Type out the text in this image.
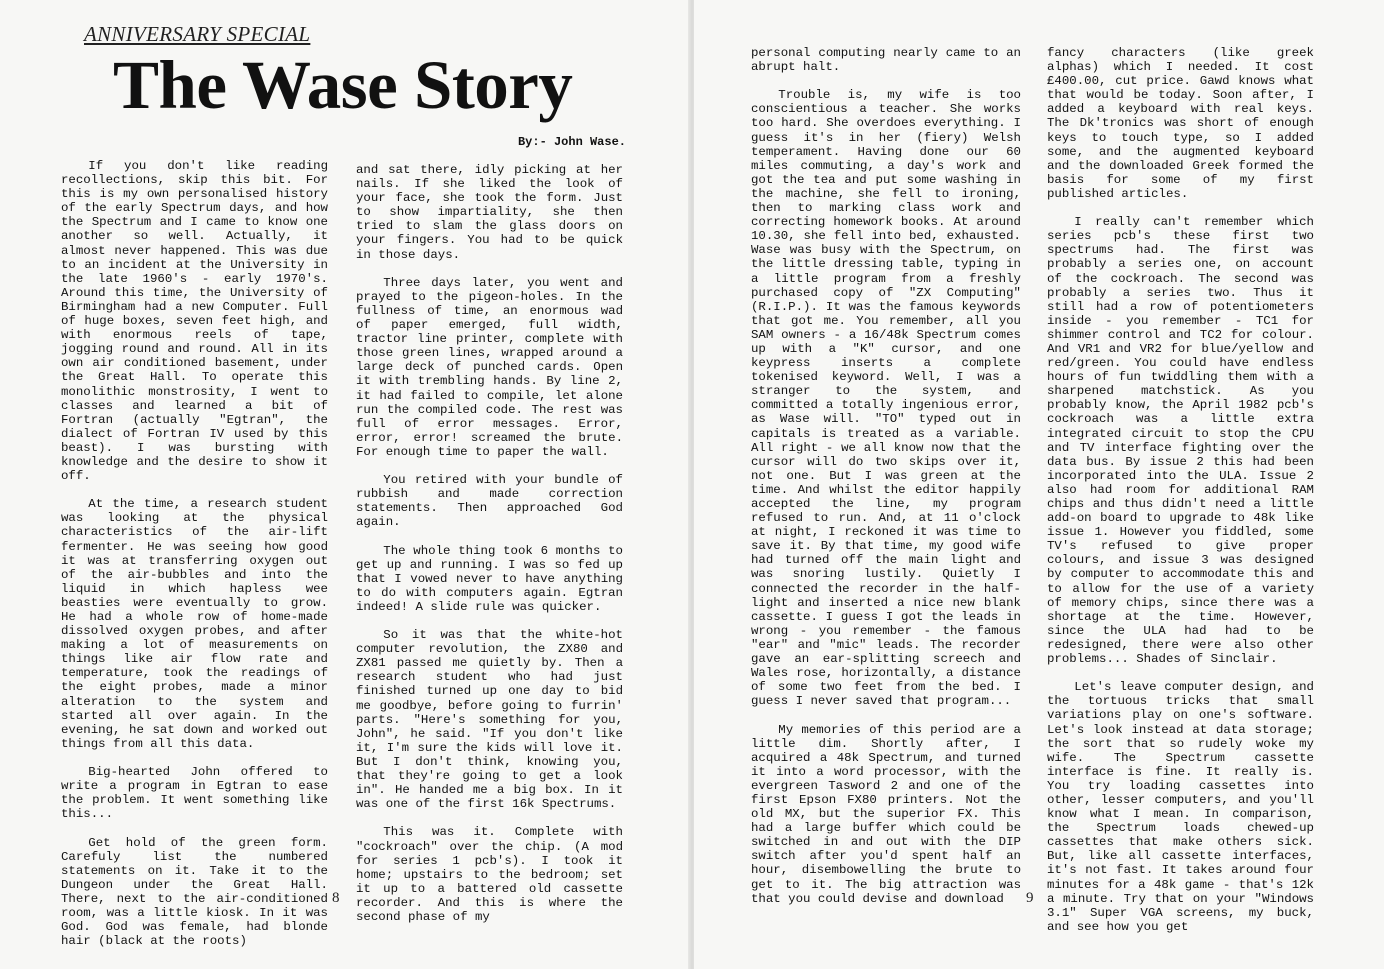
ANNIVERSARY SPECIAL
The Wase Story

By:- John Wase.

If you don't like reading recollections, skip this bit. For this is my own personalised history of the early Spectrum days, and how the Spectrum and I came to know one another so well. Actually, it almost never happened. This was due to an incident at the University in the late 1960's - early 1970's. Around this time, the University of Birmingham had a new Computer. Full of huge boxes, seven feet high, and with enormous reels of tape, jogging round and round. All in its own air conditioned basement, under the Great Hall. To operate this monolithic monstrosity, I went to classes and learned a bit of Fortran (actually "Egtran", the dialect of Fortran IV used by this beast). I was bursting with knowledge and the desire to show it off.

At the time, a research student was looking at the physical characteristics of the air-lift fermenter. He was seeing how good it was at transferring oxygen out of the air-bubbles and into the liquid in which hapless wee beasties were eventually to grow. He had a whole row of home-made dissolved oxygen probes, and after making a lot of measurements on things like air flow rate and temperature, took the readings of the eight probes, made a minor alteration to the system and started all over again. In the evening, he sat down and worked out things from all this data.

Big-hearted John offered to write a program in Egtran to ease the problem. It went something like this...

Get hold of the green form. Carefuly list the numbered statements on it. Take it to the Dungeon under the Great Hall. There, next to the air-conditioned room, was a little kiosk. In it was God. God was female, had blonde hair (black at the roots)

and sat there, idly picking at her nails. If she liked the look of your face, she took the form. Just to show impartiality, she then tried to slam the glass doors on your fingers. You had to be quick in those days.

Three days later, you went and prayed to the pigeon-holes. In the fullness of time, an enormous wad of paper emerged, full width, tractor line printer, complete with those green lines, wrapped around a large deck of punched cards. Open it with trembling hands. By line 2, it had failed to compile, let alone run the compiled code. The rest was full of error messages. Error, error, error! screamed the brute. For enough time to paper the wall.

You retired with your bundle of rubbish and made correction statements. Then approached God again.

The whole thing took 6 months to get up and running. I was so fed up that I vowed never to have anything to do with computers again. Egtran indeed! A slide rule was quicker.

So it was that the white-hot computer revolution, the ZX80 and ZX81 passed me quietly by. Then a research student who had just finished turned up one day to bid me goodbye, before going to furrin' parts. "Here's something for you, John", he said. "If you don't like it, I'm sure the kids will love it. But I don't think, knowing you, that they're going to get a look in". He handed me a big box. In it was one of the first 16k Spectrums.

This was it. Complete with "cockroach" over the chip. (A mod for series 1 pcb's). I took it home; upstairs to the bedroom; set it up to a battered old cassette recorder. And this is where the second phase of my

8	9

personal computing nearly came to an abrupt halt.

Trouble is, my wife is too conscientious a teacher. She works too hard. She overdoes everything. I guess it's in her (fiery) Welsh temperament. Having done our 60 miles commuting, a day's work and got the tea and put some washing in the machine, she fell to ironing, then to marking class work and correcting homework books. At around 10.30, she fell into bed, exhausted. Wase was busy with the Spectrum, on the little dressing table, typing in a little program from a freshly purchased copy of "ZX Computing" (R.I.P.). It was the famous keywords that got me. You remember, all you SAM owners - a 16/48k Spectrum comes up with a "K" cursor, and one keypress inserts a complete tokenised keyword. Well, I was a stranger to the system, and committed a totally ingenious error, as Wase will. "TO" typed out in capitals is treated as a variable. All right - we all know now that the cursor will do two skips over it, not one. But I was green at the time. And whilst the editor happily accepted the line, my program refused to run. And, at 11 o'clock at night, I reckoned it was time to save it. By that time, my good wife had turned off the main light and was snoring lustily. Quietly I connected the recorder in the half-light and inserted a nice new blank cassette. I guess I got the leads in wrong - you remember - the famous "ear" and "mic" leads. The recorder gave an ear-splitting screech and Wales rose, horizontally, a distance of some two feet from the bed. I guess I never saved that program...

My memories of this period are a little dim. Shortly after, I acquired a 48k Spectrum, and turned it into a word processor, with the evergreen Tasword 2 and one of the first Epson FX80 printers. Not the old MX, but the superior FX. This had a large buffer which could be switched in and out with the DIP switch after you'd spent half an hour, disembowelling the brute to get to it. The big attraction was that you could devise and download

fancy characters (like greek alphas) which I needed. It cost £400.00, cut price. Gawd knows what that would be today. Soon after, I added a keyboard with real keys. The Dk'tronics was short of enough keys to touch type, so I added some, and the augmented keyboard and the downloaded Greek formed the basis for some of my first published articles.

I really can't remember which series pcb's these first two spectrums had. The first was probably a series one, on account of the cockroach. The second was probably a series two. Thus it still had a row of potentiometers inside - you remember - TC1 for shimmer control and TC2 for colour. And VR1 and VR2 for blue/yellow and red/green. You could have endless hours of fun twiddling them with a sharpened matchstick. As you probably know, the April 1982 pcb's cockroach was a little extra integrated circuit to stop the CPU and TV interface fighting over the data bus. By issue 2 this had been incorporated into the ULA. Issue 2 also had room for additional RAM chips and thus didn't need a little add-on board to upgrade to 48k like issue 1. However you fiddled, some TV's refused to give proper colours, and issue 3 was designed by computer to accommodate this and to allow for the use of a variety of memory chips, since there was a shortage at the time. However, since the ULA had had to be redesigned, there were also other problems... Shades of Sinclair.

Let's leave computer design, and the tortuous tricks that small variations play on one's software. Let's look instead at data storage; the sort that so rudely woke my wife. The Spectrum cassette interface is fine. It really is. You try loading cassettes into other, lesser computers, and you'll know what I mean. In comparison, the Spectrum loads chewed-up cassettes that make others sick. But, like all cassette interfaces, it's not fast. It takes around four minutes for a 48k game - that's 12k a minute. Try that on your "Windows 3.1" Super VGA screens, my buck, and see how you get
